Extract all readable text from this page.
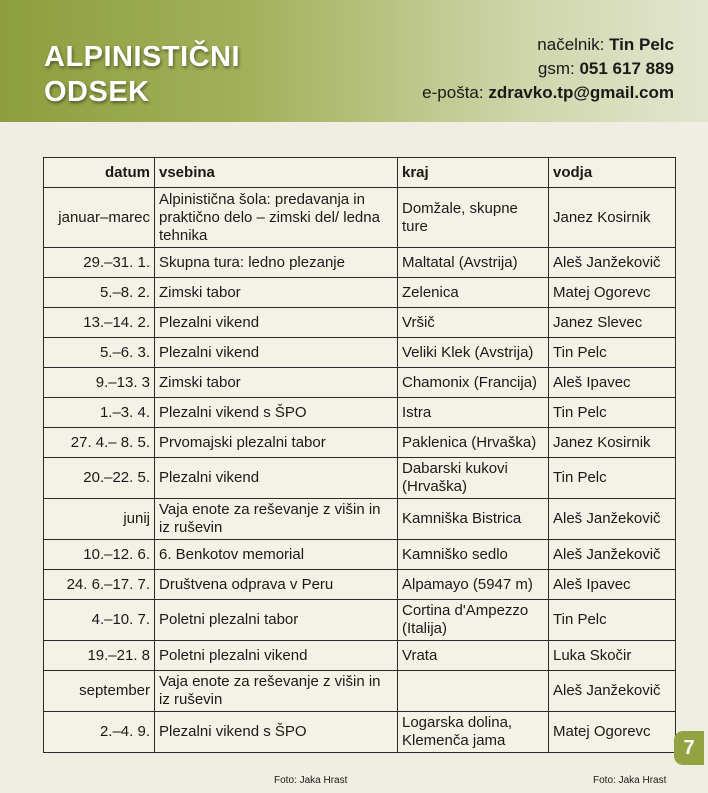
ALPINISTIČNI
ODSEK
načelnik: Tin Pelc
gsm: 051 617 889
e-pošta: zdravko.tp@gmail.com
datum	vsebina	kraj	vodja
januar–marec	Alpinistična šola: predavanja in praktično delo – zimski del/ ledna tehnika	Domžale, skupne ture	Janez Kosirnik
29.–31. 1.	Skupna tura: ledno plezanje	Maltatal (Avstrija)	Aleš Janžekovič
5.–8. 2.	Zimski tabor	Zelenica	Matej Ogorevc
13.–14. 2.	Plezalni vikend	Vršič	Janez Slevec
5.–6. 3.	Plezalni vikend	Veliki Klek (Avstrija)	Tin Pelc
9.–13. 3	Zimski tabor	Chamonix (Francija)	Aleš Ipavec
1.–3. 4.	Plezalni vikend s ŠPO	Istra	Tin Pelc
27. 4.– 8. 5.	Prvomajski plezalni tabor	Paklenica (Hrvaška)	Janez Kosirnik
20.–22. 5.	Plezalni vikend	Dabarski kukovi (Hrvaška)	Tin Pelc
junij	Vaja enote za reševanje z višin in iz ruševin	Kamniška Bistrica	Aleš Janžekovič
10.–12. 6.	6. Benkotov memorial	Kamniško sedlo	Aleš Janžekovič
24. 6.–17. 7.	Društvena odprava v Peru	Alpamayo (5947 m)	Aleš Ipavec
4.–10. 7.	Poletni plezalni tabor	Cortina d'Ampezzo (Italija)	Tin Pelc
19.–21. 8	Poletni plezalni vikend	Vrata	Luka Skočir
september	Vaja enote za reševanje z višin in iz ruševin		Aleš Janžekovič
2.–4. 9.	Plezalni vikend s ŠPO	Logarska dolina, Klemenča jama	Matej Ogorevc
7
Foto: Jaka Hrast	Foto: Jaka Hrast
